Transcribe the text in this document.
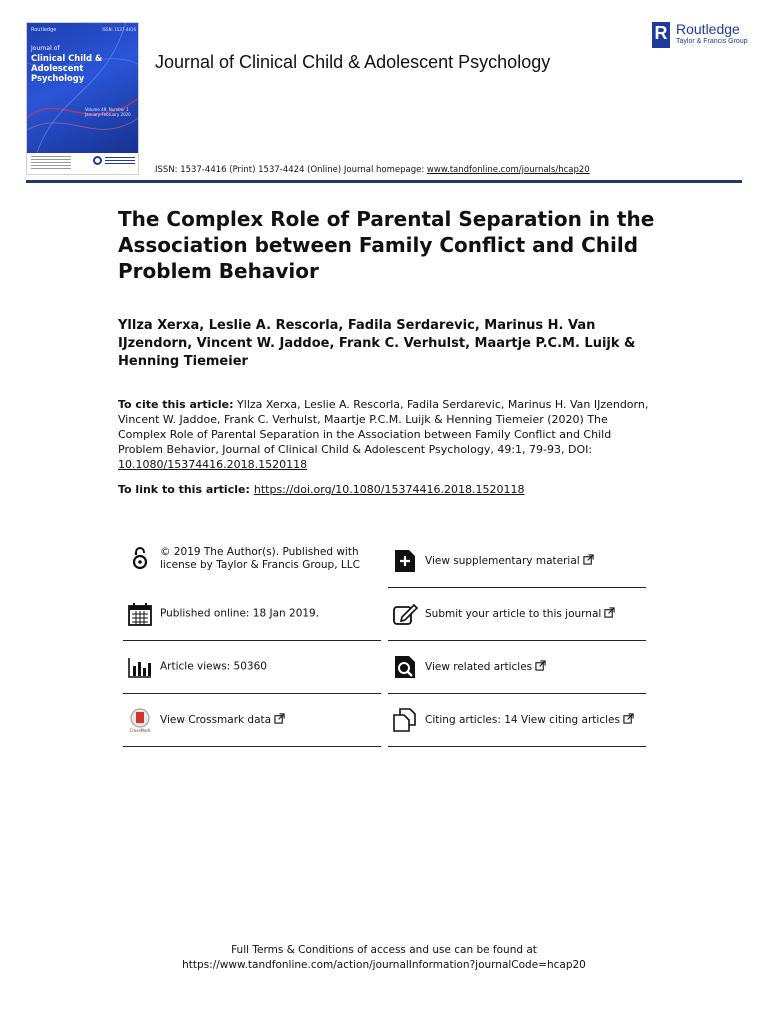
Routledge	ISSN: 1537-4416
Journal of
Clinical Child &
Adolescent Psychology
Volume 49, Number 1 January-February 2020
Journal of Clinical Child & Adolescent Psychology
R Routledge
Taylor & Francis Group
ISSN: 1537-4416 (Print) 1537-4424 (Online) Journal homepage: www.tandfonline.com/journals/hcap20
The Complex Role of Parental Separation in the Association between Family Conflict and Child Problem Behavior
Yllza Xerxa, Leslie A. Rescorla, Fadila Serdarevic, Marinus H. Van IJzendorn, Vincent W. Jaddoe, Frank C. Verhulst, Maartje P.C.M. Luijk & Henning Tiemeier
To cite this article: Yllza Xerxa, Leslie A. Rescorla, Fadila Serdarevic, Marinus H. Van IJzendorn, Vincent W. Jaddoe, Frank C. Verhulst, Maartje P.C.M. Luijk & Henning Tiemeier (2020) The Complex Role of Parental Separation in the Association between Family Conflict and Child Problem Behavior, Journal of Clinical Child & Adolescent Psychology, 49:1, 79-93, DOI: 10.1080/15374416.2018.1520118
To link to this article: https://doi.org/10.1080/15374416.2018.1520118
© 2019 The Author(s). Published with license by Taylor & Francis Group, LLC
Published online: 18 Jan 2019.
Article views: 50360
CrossMark
View Crossmark data
View supplementary material
Submit your article to this journal
View related articles
Citing articles: 14 View citing articles
Full Terms & Conditions of access and use can be found at
https://www.tandfonline.com/action/journalInformation?journalCode=hcap20
